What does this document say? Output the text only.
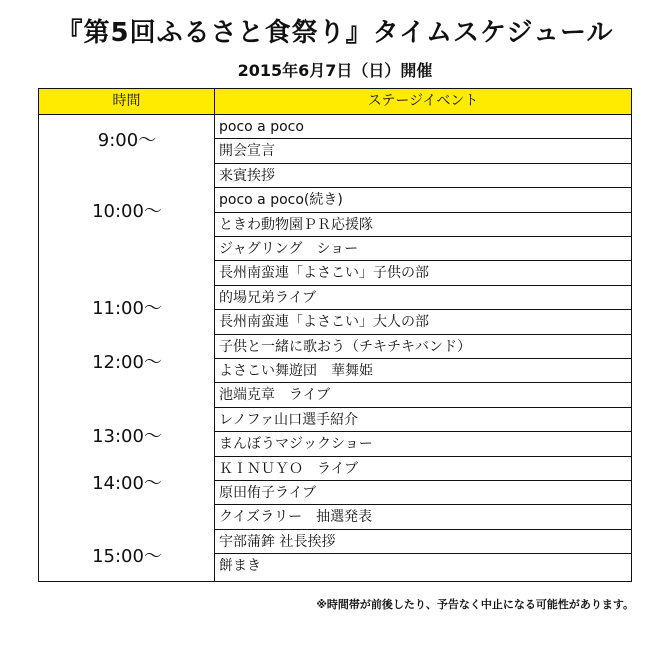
『第5回ふるさと食祭り』タイムスケジュール
2015年6月7日（日）開催
時間	ステージイベント
9:00〜
10:00〜
11:00〜
12:00〜
13:00〜
14:00〜
15:00〜
poco a poco
開会宣言
来賓挨拶
poco a poco(続き)
ときわ動物園ＰＲ応援隊
ジャグリング　ショー
長州南蛮連「よさこい」子供の部
的場兄弟ライブ
長州南蛮連「よさこい」大人の部
子供と一緒に歌おう（チキチキバンド）
よさこい舞遊団　華舞姫
池端克章　ライブ
レノファ山口選手紹介
まんぼうマジックショー
ＫＩＮＵＹＯ　ライブ
原田侑子ライブ
クイズラリー　抽選発表
宇部蒲鉾 社長挨拶
餅まき
※時間帯が前後したり、予告なく中止になる可能性があります。
